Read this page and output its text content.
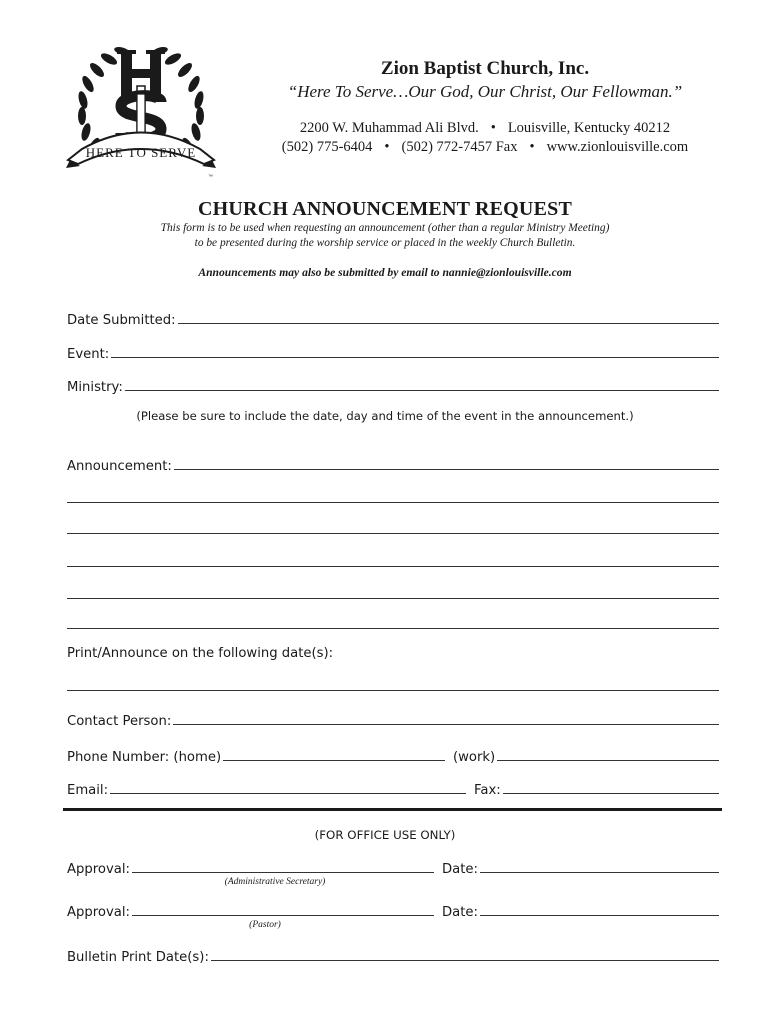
HERE TO SERVE
™
Zion Baptist Church, Inc.
“Here To Serve…Our God, Our Christ, Our Fellowman.”
2200 W. Muhammad Ali Blvd. • Louisville, Kentucky 40212
(502) 775-6404 • (502) 772-7457 Fax • www.zionlouisville.com
CHURCH ANNOUNCEMENT REQUEST
This form is to be used when requesting an announcement (other than a regular Ministry Meeting)
to be presented during the worship service or placed in the weekly Church Bulletin.
Announcements may also be submitted by email to nannie@zionlouisville.com
Date Submitted:
Event:
Ministry:
(Please be sure to include the date, day and time of the event in the announcement.)
Announcement:
Print/Announce on the following date(s):
Contact Person:
Phone Number: (home)	(work)
Email:	Fax:
(FOR OFFICE USE ONLY)
Approval:	Date:
(Administrative Secretary)
Approval:	Date:
(Pastor)
Bulletin Print Date(s):
